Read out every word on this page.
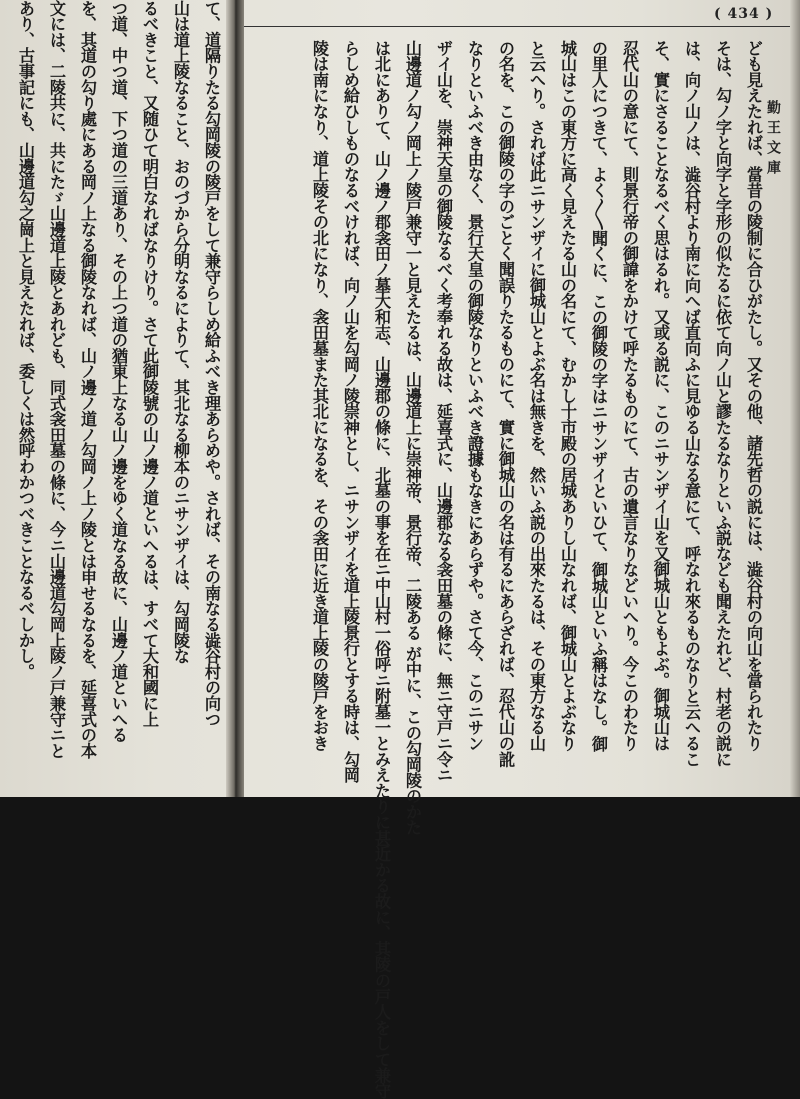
て、道隔りたる勾岡陵の陵戸をして兼守らしめ給ふべき理あらめや。されば、その南なる澁谷村の向つ
山は道上陵なること、おのづから分明なるによりて、其北なる柳本のニサンザイは、勾岡陵な
るべきこと、又随ひて明白なればなりけり。さて此御陵號の山ノ邊ノ道といへるは、すべて大和國に上
つ道、中つ道、下つ道の三道あり、その上つ道の猶東上なる山ノ邊をゆく道なる故に、山邊ノ道といへる
を、其道の勾り處にある岡ノ上なる御陵なれば、山ノ邊ノ道ノ勾岡ノ上ノ陵とは申せるなるを、延喜式の本
文には、二陵共に、共にたゞ山邊道上陵とあれども、同式衾田墓の條に、今ニ山邊道勾岡上陵ノ戸兼守ニと
あり、古事記にも、山邊道勾之崗上と見えたれば、委しくは然呼わかつべきことなるべしかし。	( 434 )
勤王文庫
ども見えたれば、當昔の陵制に合ひがたし。又その他、諸先哲の説には、澁谷村の向山を當られたり
そは、勾ノ字と向字と字形の似たるに依て向ノ山と謬たるなりといふ説なども聞えたれど、村老の説に
は、向ノ山ノは、澁谷村より南に向へば直向ふに見ゆる山なる意にて、呼なれ來るものなりと云へるこ
そ、實にさることなるべく思はるれ。又或る説に、このニサンザイ山を又御城山ともよぶ。御城山は
忍代山の意にて、則景行帝の御諱をかけて呼たるものにて、古の遺言なりなどいへり。今このわたり
の里人につきて、よく〳〵聞くに、この御陵の字はニサンザイといひて、御城山といふ稱はなし。御
城山はこの東方に高く見えたる山の名にて、むかし十市殿の居城ありし山なれば、御城山とよぶなり
と云へり。されば此ニサンザイに御城山とよぶ名は無きを、然いふ説の出來たるは、その東方なる山
の名を、この御陵の字のごとく聞誤りたるものにて、實に御城山の名は有るにあらざれば、忍代山の訛
なりといふべき由なく、景行天皇の御陵なりといふべき證據もなきにあらずや。さて今、このニサン
ザイ山を、崇神天皇の御陵なるべく考奉れる故は、延喜式に、山邊郡なる衾田墓の條に、無ニ守戸ニ令ニ
山邊道ノ勾ノ岡上ノ陵戸兼守一と見えたるは、山邊道上に崇神帝、景行帝、二陵ある が中に、この勾岡陵のかた
は北にありて、山ノ邊ノ郡衾田ノ墓大和志、山邊郡の條に、北墓の事を在ニ中山村一俗呼ニ附墓一とみえたりに甚近かる故に、其陵の戸人をして兼守
らしめ給ひしものなるべければ、向ノ山を勾岡ノ陵崇神とし、ニサンザイを道上陵景行とする時は、勾岡
陵は南になり、道上陵その北になり、衾田墓また其北になるを、その衾田に近き道上陵の陵戸をおき
